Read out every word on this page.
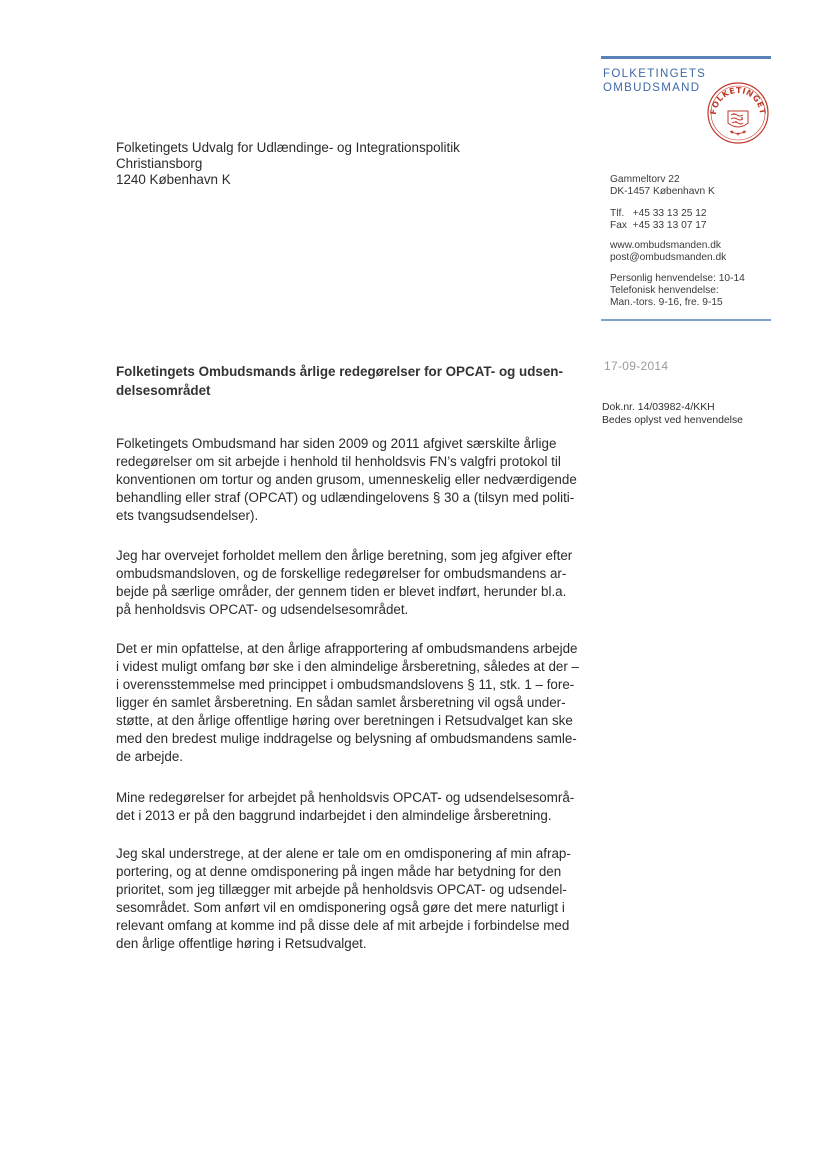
FOLKETINGETS
OMBUDSMAND
FOLKETINGET
Folketingets Udvalg for Udlændinge- og Integrationspolitik
Christiansborg
1240 København K	Gammeltorv 22
DK-1457 København K
Tlf.   +45 33 13 25 12
Fax  +45 33 13 07 17
www.ombudsmanden.dk
post@ombudsmanden.dk
Personlig henvendelse: 10-14
Telefonisk henvendelse:
Man.-tors. 9-16, fre. 9-15
17-09-2014
Dok.nr. 14/03982-4/KKH
Bedes oplyst ved henvendelse
Folketingets Ombudsmands årlige redegørelser for OPCAT- og udsen-
delsesområdet
Folketingets Ombudsmand har siden 2009 og 2011 afgivet særskilte årlige
redegørelser om sit arbejde i henhold til henholdsvis FN’s valgfri protokol til
konventionen om tortur og anden grusom, umenneskelig eller nedværdigende
behandling eller straf (OPCAT) og udlændingelovens § 30 a (tilsyn med politi-
ets tvangsudsendelser).
Jeg har overvejet forholdet mellem den årlige beretning, som jeg afgiver efter
ombudsmandsloven, og de forskellige redegørelser for ombudsmandens ar-
bejde på særlige områder, der gennem tiden er blevet indført, herunder bl.a.
på henholdsvis OPCAT- og udsendelsesområdet.
Det er min opfattelse, at den årlige afrapportering af ombudsmandens arbejde
i videst muligt omfang bør ske i den almindelige årsberetning, således at der –
i overensstemmelse med princippet i ombudsmandslovens § 11, stk. 1 – fore-
ligger én samlet årsberetning. En sådan samlet årsberetning vil også under-
støtte, at den årlige offentlige høring over beretningen i Retsudvalget kan ske
med den bredest mulige inddragelse og belysning af ombudsmandens samle-
de arbejde.
Mine redegørelser for arbejdet på henholdsvis OPCAT- og udsendelsesområ-
det i 2013 er på den baggrund indarbejdet i den almindelige årsberetning.
Jeg skal understrege, at der alene er tale om en omdisponering af min afrap-
portering, og at denne omdisponering på ingen måde har betydning for den
prioritet, som jeg tillægger mit arbejde på henholdsvis OPCAT- og udsendel-
sesområdet. Som anført vil en omdisponering også gøre det mere naturligt i
relevant omfang at komme ind på disse dele af mit arbejde i forbindelse med
den årlige offentlige høring i Retsudvalget.
